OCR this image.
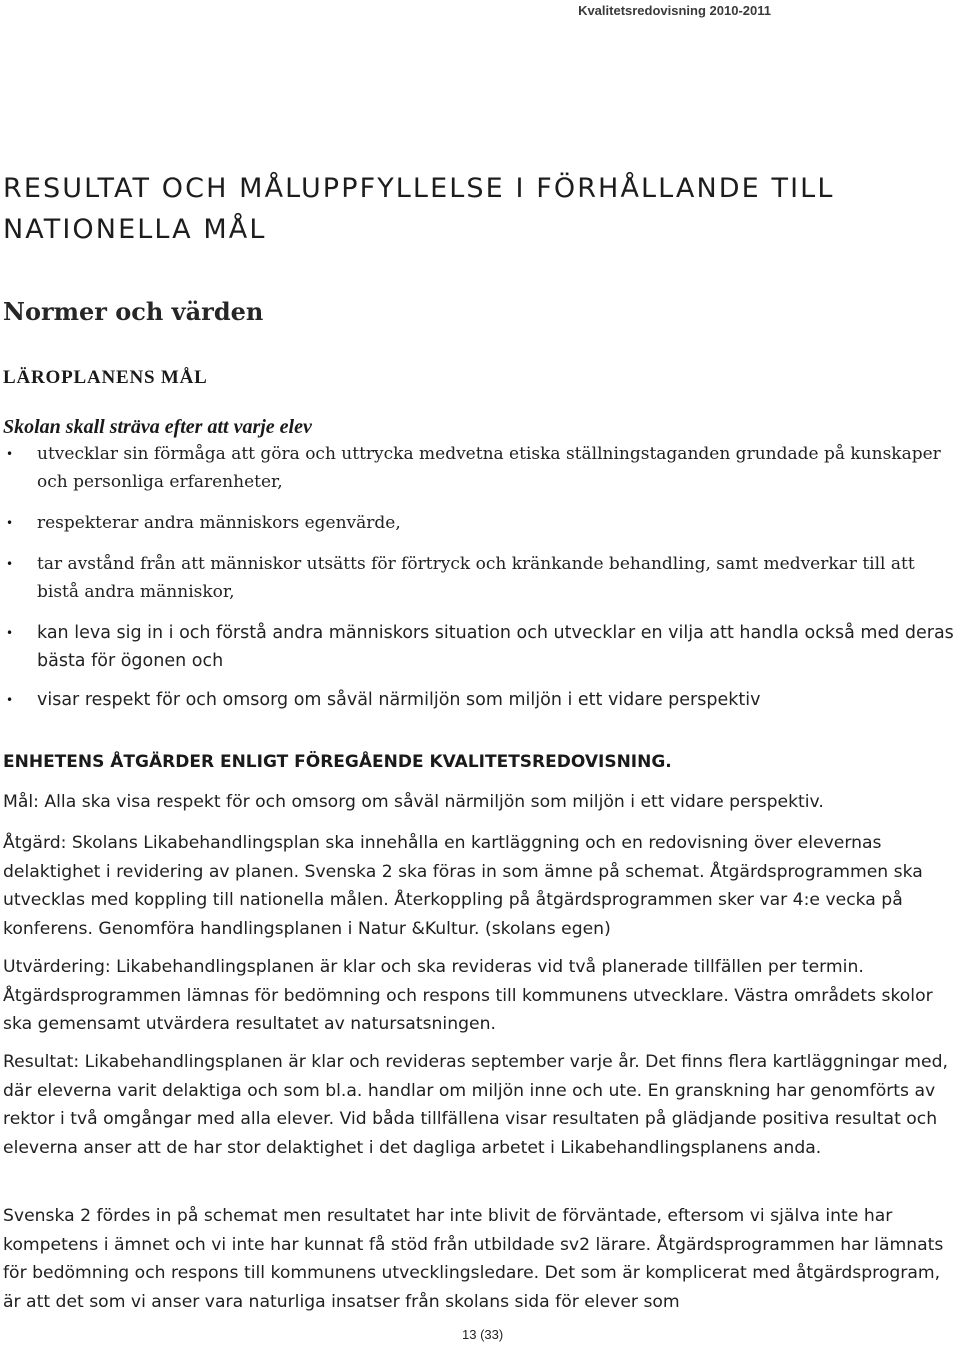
Kvalitetsredovisning 2010-2011
RESULTAT OCH MÅLUPPFYLLELSE I FÖRHÅLLANDE TILL NATIONELLA MÅL
Normer och värden
LÄROPLANENS MÅL

Skolan skall sträva efter att varje elev

• utvecklar sin förmåga att göra och uttrycka medvetna etiska ställningstaganden grundade på kunskaper och personliga erfarenheter,
• respekterar andra människors egenvärde,
• tar avstånd från att människor utsätts för förtryck och kränkande behandling, samt medverkar till att bistå andra människor,
• kan leva sig in i och förstå andra människors situation och utvecklar en vilja att handla också med deras bästa för ögonen och
• visar respekt för och omsorg om såväl närmiljön som miljön i ett vidare perspektiv
ENHETENS ÅTGÄRDER ENLIGT FÖREGÅENDE KVALITETSREDOVISNING.

Mål: Alla ska visa respekt för och omsorg om såväl närmiljön som miljön i ett vidare perspektiv.

Åtgärd: Skolans Likabehandlingsplan ska innehålla en kartläggning och en redovisning över elevernas delaktighet i revidering av planen. Svenska 2 ska föras in som ämne på schemat. Åtgärdsprogrammen ska utvecklas med koppling till nationella målen. Återkoppling på åtgärdsprogrammen sker var 4:e vecka på konferens. Genomföra handlingsplanen i Natur &Kultur. (skolans egen)

Utvärdering: Likabehandlingsplanen är klar och ska revideras vid två planerade tillfällen per termin. Åtgärdsprogrammen lämnas för bedömning och respons till kommunens utvecklare. Västra områdets skolor ska gemensamt utvärdera resultatet av natursatsningen.

Resultat: Likabehandlingsplanen är klar och revideras september varje år. Det finns flera kartläggningar med, där eleverna varit delaktiga och som bl.a. handlar om miljön inne och ute. En granskning har genomförts av rektor i två omgångar med alla elever. Vid båda tillfällena visar resultaten på glädjande positiva resultat och eleverna anser att de har stor delaktighet i det dagliga arbetet i Likabehandlingsplanens anda.

Svenska 2 fördes in på schemat men resultatet har inte blivit de förväntade, eftersom vi själva inte har kompetens i ämnet och vi inte har kunnat få stöd från utbildade sv2 lärare. Åtgärdsprogrammen har lämnats för bedömning och respons till kommunens utvecklingsledare. Det som är komplicerat med åtgärdsprogram, är att det som vi anser vara naturliga insatser från skolans sida för elever som

13 (33)
